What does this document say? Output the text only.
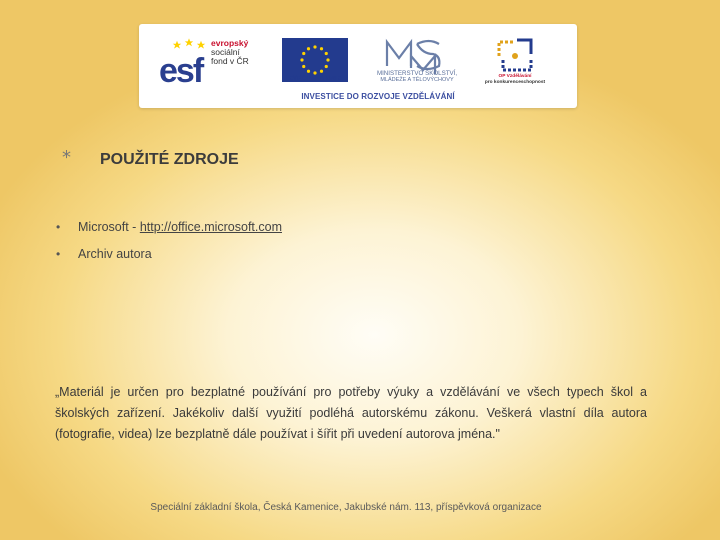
esf
evropský
sociální
fond v ČR
EVROPSKÁ UNIE
MINISTERSTVO ŠKOLSTVÍ,
MLÁDEŽE A TĚLOVÝCHOVY
OP Vzdělávání
pro konkurenceschopnost
INVESTICE DO ROZVOJE VZDĚLÁVÁNÍ
* POUŽITÉ ZDROJE
• Microsoft - http://office.microsoft.com
• Archiv autora
„Materiál je určen pro bezplatné používání pro potřeby výuky a vzdělávání ve všech typech škol a školských zařízení. Jakékoliv další využití podléhá autorskému zákonu. Veškerá vlastní díla autora (fotografie, videa) lze bezplatně dále používat i šířit při uvedení autorova jména."
Speciální základní škola, Česká Kamenice, Jakubské nám. 113, příspěvková organizace
